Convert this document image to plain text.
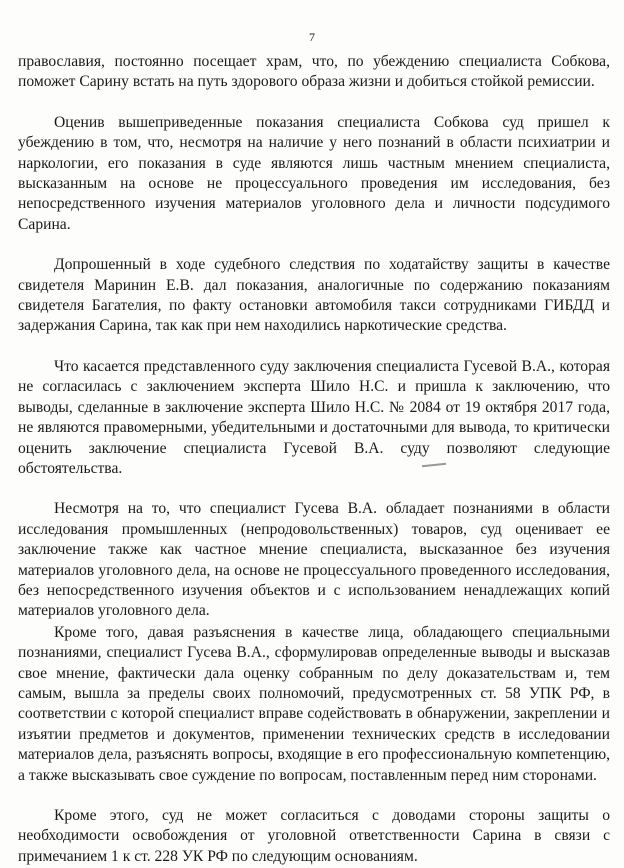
7

православия, постоянно посещает храм, что, по убеждению специалиста Собкова, поможет Сарину встать на путь здорового образа жизни и добиться стойкой ремиссии.

Оценив вышеприведенные показания специалиста Собкова суд пришел к убеждению в том, что, несмотря на наличие у него познаний в области психиатрии и наркологии, его показания в суде являются лишь частным мнением специалиста, высказанным на основе не процессуального проведения им исследования, без непосредственного изучения материалов уголовного дела и личности подсудимого Сарина.

Допрошенный в ходе судебного следствия по ходатайству защиты в качестве свидетеля Маринин Е.В. дал показания, аналогичные по содержанию показаниям свидетеля Багателия, по факту остановки автомобиля такси сотрудниками ГИБДД и задержания Сарина, так как при нем находились наркотические средства.

Что касается представленного суду заключения специалиста Гусевой В.А., которая не согласилась с заключением эксперта Шило Н.С. и пришла к заключению, что выводы, сделанные в заключение эксперта Шило Н.С. № 2084 от 19 октября 2017 года, не являются правомерными, убедительными и достаточными для вывода, то критически оценить заключение специалиста Гусевой В.А. суду позволяют следующие обстоятельства.

Несмотря на то, что специалист Гусева В.А. обладает познаниями в области исследования промышленных (непродовольственных) товаров, суд оценивает ее заключение также как частное мнение специалиста, высказанное без изучения материалов уголовного дела, на основе не процессуального проведенного исследования, без непосредственного изучения объектов и с использованием ненадлежащих копий материалов уголовного дела.

Кроме того, давая разъяснения в качестве лица, обладающего специальными познаниями, специалист Гусева В.А., сформулировав определенные выводы и высказав свое мнение, фактически дала оценку собранным по делу доказательствам и, тем самым, вышла за пределы своих полномочий, предусмотренных ст. 58 УПК РФ, в соответствии с которой специалист вправе содействовать в обнаружении, закреплении и изъятии предметов и документов, применении технических средств в исследовании материалов дела, разъяснять вопросы, входящие в его профессиональную компетенцию, а также высказывать свое суждение по вопросам, поставленным перед ним сторонами.

Кроме этого, суд не может согласиться с доводами стороны защиты о необходимости освобождения от уголовной ответственности Сарина в связи с примечанием 1 к ст. 228 УК РФ по следующим основаниям.
